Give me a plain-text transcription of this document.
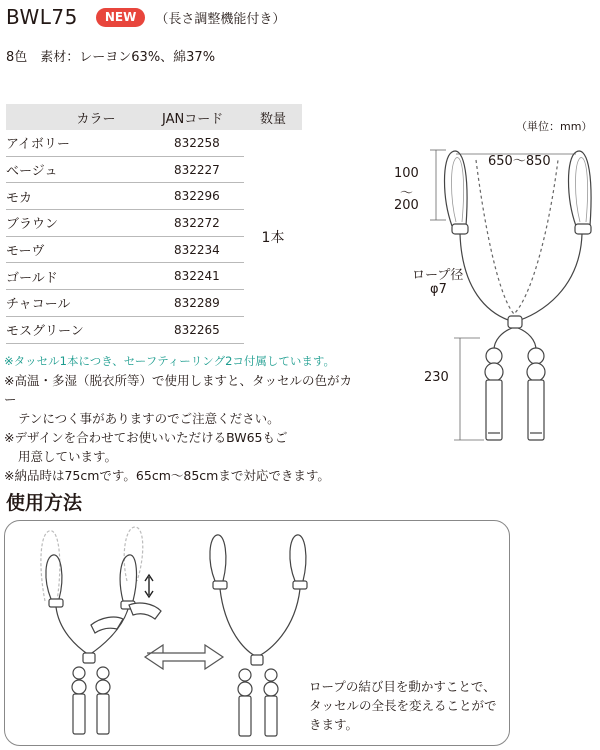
BWL75	NEW	（長さ調整機能付き）
8色　素材：レーヨン63%、綿37%
カラー	JANコード	数量
アイボリー	832258
ベージュ	832227
モカ	832296
ブラウン	832272
モーヴ	832234
ゴールド	832241
チャコール	832289
モスグリーン	832265
1本
※タッセル1本につき、セーフティーリング2コ付属しています。
※高温・多湿（脱衣所等）で使用しますと、タッセルの色がカー
テンにつく事がありますのでご注意ください。
※デザインを合わせてお使いいただけるBW65もご
用意しています。
※納品時は75cmです。65cm〜85cmまで対応できます。
（単位：mm）
650〜850
100
〜
200
ロープ径
φ7
230
使用方法
ロープの結び目を動かすことで、タッセルの全長を変えることができます。
